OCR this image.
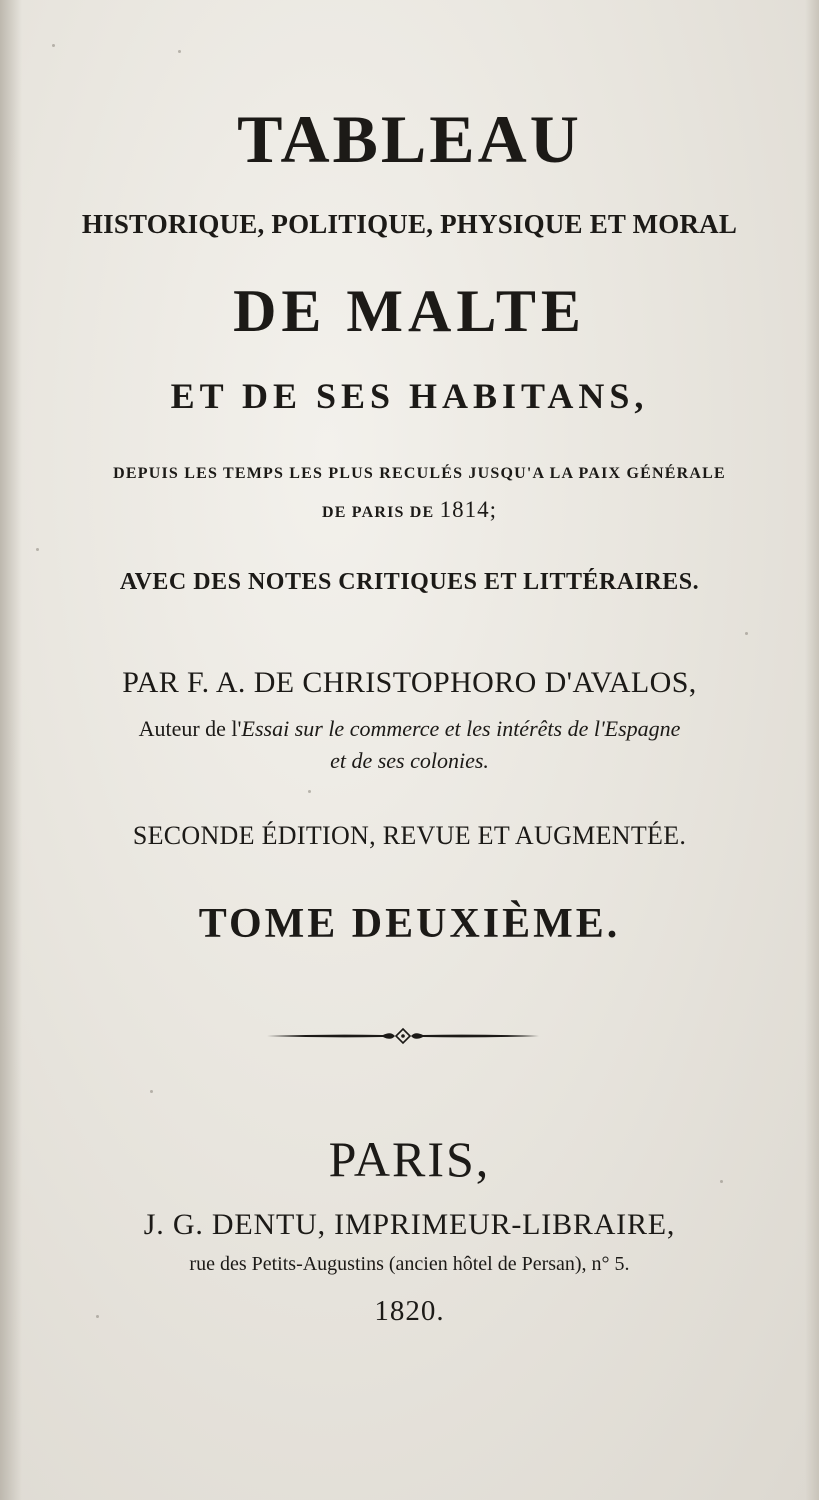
TABLEAU
HISTORIQUE, POLITIQUE, PHYSIQUE ET MORAL
DE MALTE
ET DE SES HABITANS,
DEPUIS LES TEMPS LES PLUS RECULÉS JUSQU'A LA PAIX GÉNÉRALE
DE PARIS DE 1814;
AVEC DES NOTES CRITIQUES ET LITTÉRAIRES.
PAR F. A. DE CHRISTOPHORO D'AVALOS,
Auteur de l'Essai sur le commerce et les intérêts de l'Espagne
et de ses colonies.
SECONDE ÉDITION, REVUE ET AUGMENTÉE.
TOME DEUXIÈME.
PARIS,
J. G. DENTU, IMPRIMEUR-LIBRAIRE,
rue des Petits-Augustins (ancien hôtel de Persan), n° 5.
1820.
